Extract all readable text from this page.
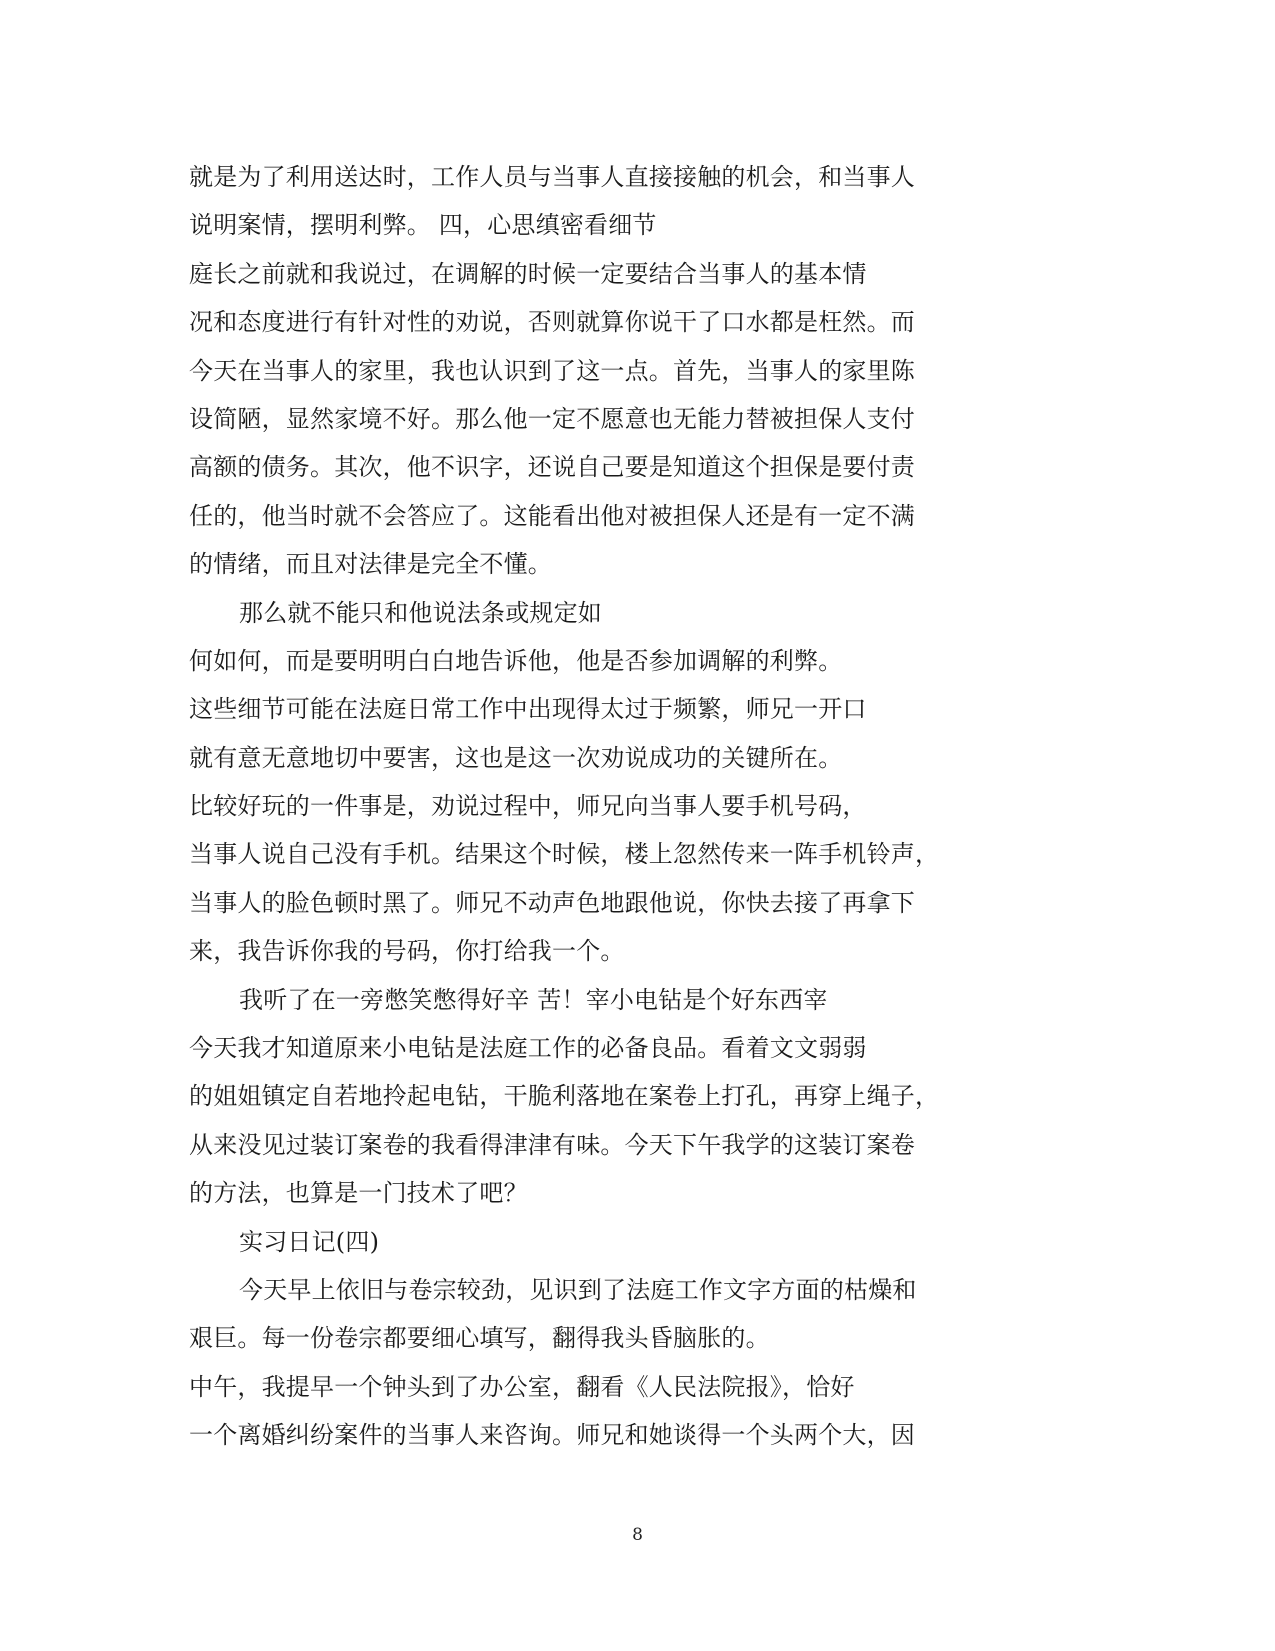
就是为了利用送达时，工作人员与当事人直接接触的机会，和当事人
说明案情，摆明利弊。 四，心思缜密看细节
庭长之前就和我说过，在调解的时候一定要结合当事人的基本情
况和态度进行有针对性的劝说，否则就算你说干了口水都是枉然。而
今天在当事人的家里，我也认识到了这一点。首先，当事人的家里陈
设简陋，显然家境不好。那么他一定不愿意也无能力替被担保人支付
高额的债务。其次，他不识字，还说自己要是知道这个担保是要付责
任的，他当时就不会答应了。这能看出他对被担保人还是有一定不满
的情绪，而且对法律是完全不懂。
那么就不能只和他说法条或规定如
何如何，而是要明明白白地告诉他，他是否参加调解的利弊。
这些细节可能在法庭日常工作中出现得太过于频繁，师兄一开口
就有意无意地切中要害，这也是这一次劝说成功的关键所在。
比较好玩的一件事是，劝说过程中，师兄向当事人要手机号码，
当事人说自己没有手机。结果这个时候，楼上忽然传来一阵手机铃声，
当事人的脸色顿时黑了。师兄不动声色地跟他说，你快去接了再拿下
来，我告诉你我的号码，你打给我一个。
我听了在一旁憋笑憋得好辛 苦！宰小电钻是个好东西宰
今天我才知道原来小电钻是法庭工作的必备良品。看着文文弱弱
的姐姐镇定自若地拎起电钻，干脆利落地在案卷上打孔，再穿上绳子，
从来没见过装订案卷的我看得津津有味。今天下午我学的这装订案卷
的方法，也算是一门技术了吧？
实习日记(四)
今天早上依旧与卷宗较劲，见识到了法庭工作文字方面的枯燥和
艰巨。每一份卷宗都要细心填写，翻得我头昏脑胀的。
中午，我提早一个钟头到了办公室，翻看《人民法院报》，恰好
一个离婚纠纷案件的当事人来咨询。师兄和她谈得一个头两个大，因
8
